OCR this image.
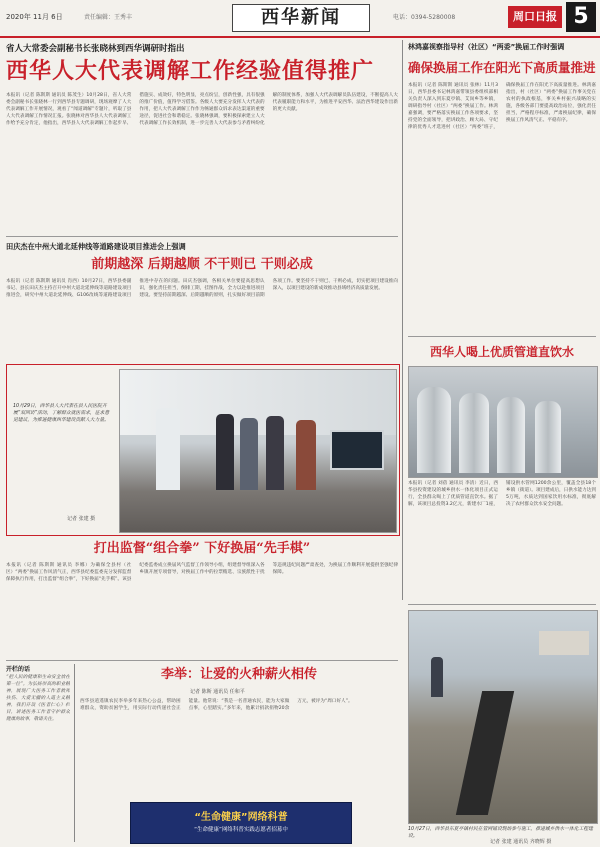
2020年 11月 6日	责任编辑：王秀丰	西华新闻	电话：0394-5280008	周口日报 5
省人大常委会副秘书长张晓林到西华调研时指出
西华人大代表调解工作经验值得推广
本报讯（记者 陈斯斯 通讯员 陈茂生）10月28日，省人大常委会副秘书长张晓林一行到西华县专题调研，现场观摩了人大代表调解工作开展情况，观看了“闻道调解”专题片，听取了县人大代表调解工作情况汇报。张晓林对西华县人大代表调解工作给予充分肯定，他指出，西华县人大代表调解工作起步早、措施实、成效好，特色明显，亮点纷呈，创新性强，具有很强的推广价值，值得学习借鉴。各级人大要充分发挥人大代表的作用，把人大代表调解工作作为畅通群众诉求表达渠道的重要途径，促进社会和谐稳定。张晓林强调，要积极探索建立人大代表调解工作长效机制，进一步完善人大代表参与矛盾纠纷化解的制度体系，加强人大代表调解员队伍建设，不断提高人大代表履职能力和水平，为推进平安西华、法治西华建设作出新的更大贡献。
林鸿嘉视察指导村（社区）“两委”换届工作时强调
确保换届工作在阳光下高质量推进
本报讯（记者 陈斯斯 通讯员 张林）11月3日，西华县委书记林鸿嘉带领县委组织部相关负责人深入到东夏亭镇、艾岗乡等乡镇，调研指导村（社区）“两委”换届工作。林鸿嘉强调，要严格落实换届工作各项要求，坚持党的全面领导，把讲政治、顾大局、守纪律的优秀人才选进村（社区）“两委”班子，确保换届工作在阳光下高质量推进。林鸿嘉指出，村（社区）“两委”换届工作事关党在农村的执政根基，事关乡村振兴战略的实施，各级各部门要提高政治站位，强化责任担当，严格程序标准，严肃换届纪律，确保换届工作风清气正、平稳有序。
田庆杰在中州大道北延伸线等道路建设项目推进会上强调
前期越深 后期越顺 不干则已 干则必成
本报讯（记者 陈斯斯 通讯员 肖西）10月27日，西华县委副书记、县长田庆杰主持召开中州大道北延伸线等道路建设项目推进会，研究中州大道北延伸线、G106改线等道路建设项目推进中存在的问题。田庆杰强调，各相关单位要提高思想认识，强化责任担当，倒排工期，挂图作战，全力以赴推进项目建设。要坚持前期越深、后期越顺的原则，扎实做好项目前期各项工作。要坚持不干则已、干则必成，切实把项目建设推向深入，以项目建设的新成效推动县域经济高质量发展。
10月29日，西华县人大代表在县人民医院开展“双回访”活动，了解群众就医需求，征求意见建议，为推进健康西华建设贡献人大力量。
记者 张建 摄
西华人喝上优质管道直饮水
本报讯（记者 刘蓓 通讯员 李清）近日，西华县投资建设的城乡供水一体化项目正式运行，全县群众喝上了优质管道直饮水。据了解，该项目总投资3.2亿元，新建水厂1座，铺设供水管网1200余公里，覆盖全县18个乡镇（街道）。项目建成后，日供水能力达到5万吨，水质达到国家饮用水标准，彻底解决了农村群众饮水安全问题。
打出监督“组合拳” 下好换届“先手棋”
本报讯（记者 陈斯斯 通讯员 李娜）为确保全县村（社区）“两委”换届工作风清气正，西华县纪委监委充分发挥监督保障执行作用，打出监督“组合拳”，下好换届“先手棋”。该县纪委监委成立换届风气监督工作领导小组，组建督导组深入各乡镇开展专项督导，对换届工作中的拉票贿选、宗族派性干扰等违规违纪问题严肃查处，为换届工作顺利开展提供坚强纪律保障。
10月27日，西华县东夏亭镇村民在管网铺设现场参与施工，推进城乡供水一体化工程建设。
记者 张建 通讯员 齐晓辉 摄
开栏的话
“把人民的健康和生命安全放在第一位”。为弘扬崇高的职业精神，展现广大医务工作者救死扶伤、大爱无疆的人道主义精神，我们开设《医者仁心》栏目，讲述医务工作者守护群众健康的故事，敬请关注。
李举：让爱的火种薪火相传
记者 陈斯 通讯员 任和平
西华县逍遥镇农民李举多年来热心公益，帮助困难群众，资助贫困学生，用实际行动传递社会正能量。他常说：“我是一名普通农民，能为大家做点事，心里踏实。”多年来，他累计捐款捐物20余万元，被评为“周口好人”。
“生命健康”网络科普
“生命健康”网络科普实践志愿者招募中
